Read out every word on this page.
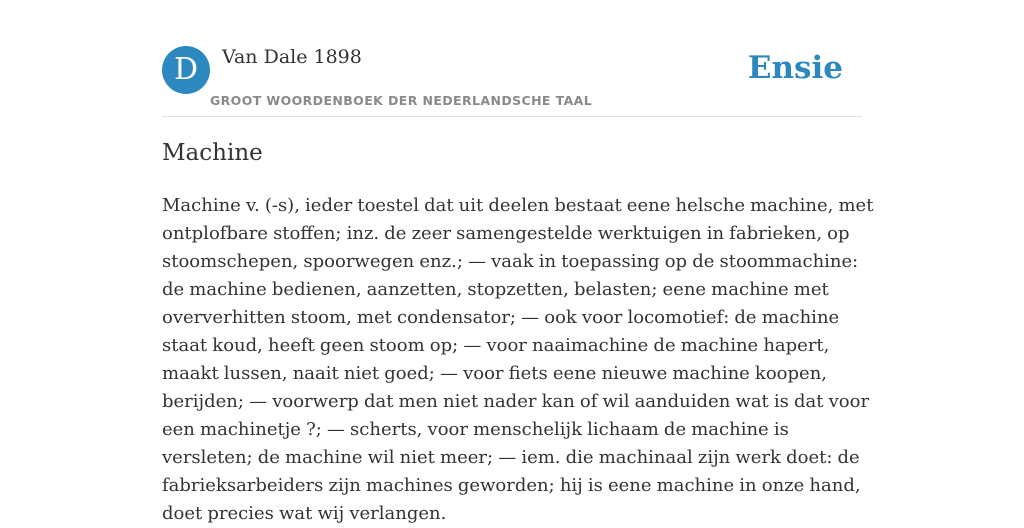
D	Van Dale 1898
GROOT WOORDENBOEK DER NEDERLANDSCHE TAAL
Ensie
Machine

Machine v. (-s), ieder toestel dat uit deelen bestaat eene helsche machine, met ontplofbare stoffen; inz. de zeer samengestelde werktuigen in fabrieken, op stoomschepen, spoorwegen enz.; — vaak in toepassing op de stoommachine: de machine bedienen, aanzetten, stopzetten, belasten; eene machine met oververhitten stoom, met condensator; — ook voor locomotief: de machine staat koud, heeft geen stoom op; — voor naaimachine de machine hapert, maakt lussen, naait niet goed; — voor fiets eene nieuwe machine koopen, berijden; — voorwerp dat men niet nader kan of wil aanduiden wat is dat voor een machinetje ?; — scherts, voor menschelijk lichaam de machine is versleten; de machine wil niet meer; — iem. die machinaal zijn werk doet: de fabrieksarbeiders zijn machines geworden; hij is eene machine in onze hand, doet precies wat wij verlangen.
